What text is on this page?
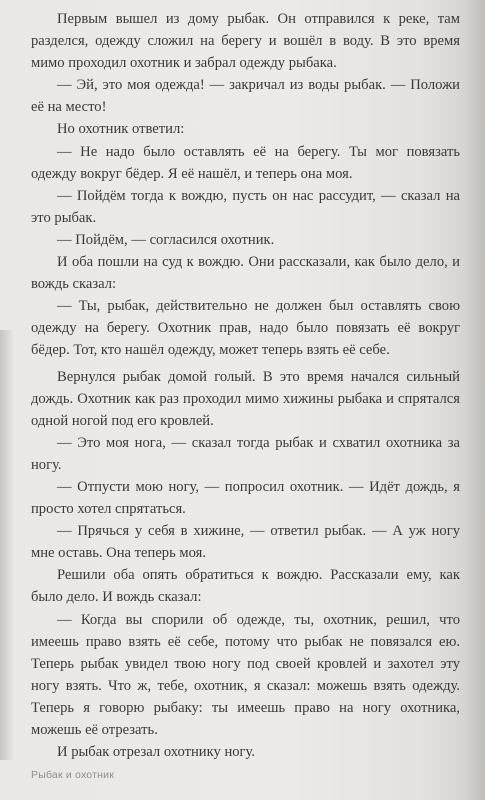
Первым вышел из дому рыбак. Он отправился к реке, там разделся, одежду сложил на берегу и вошёл в воду. В это время мимо проходил охотник и забрал одежду рыбака.

— Эй, это моя одежда! — закричал из воды рыбак. — Положи её на место!

Но охотник ответил:

— Не надо было оставлять её на берегу. Ты мог повязать одежду вокруг бёдер. Я её нашёл, и теперь она моя.

— Пойдём тогда к вождю, пусть он нас рассудит, — сказал на это рыбак.

— Пойдём, — согласился охотник.

И оба пошли на суд к вождю. Они рассказали, как было дело, и вождь сказал:

— Ты, рыбак, действительно не должен был оставлять свою одежду на берегу. Охотник прав, надо было повязать её вокруг бёдер. Тот, кто нашёл одежду, может теперь взять её себе.

Вернулся рыбак домой голый. В это время начался сильный дождь. Охотник как раз проходил мимо хижины рыбака и спрятался одной ногой под его кровлей.

— Это моя нога, — сказал тогда рыбак и схватил охотника за ногу.

— Отпусти мою ногу, — попросил охотник. — Идёт дождь, я просто хотел спрятаться.

— Прячься у себя в хижине, — ответил рыбак. — А уж ногу мне оставь. Она теперь моя.

Решили оба опять обратиться к вождю. Рассказали ему, как было дело. И вождь сказал:

— Когда вы спорили об одежде, ты, охотник, решил, что имеешь право взять её себе, потому что рыбак не повязался ею. Теперь рыбак увидел твою ногу под своей кровлей и захотел эту ногу взять. Что ж, тебе, охотник, я сказал: можешь взять одежду. Теперь я говорю рыбаку: ты имеешь право на ногу охотника, можешь её отрезать.

И рыбак отрезал охотнику ногу.

Рыбак и охотник
